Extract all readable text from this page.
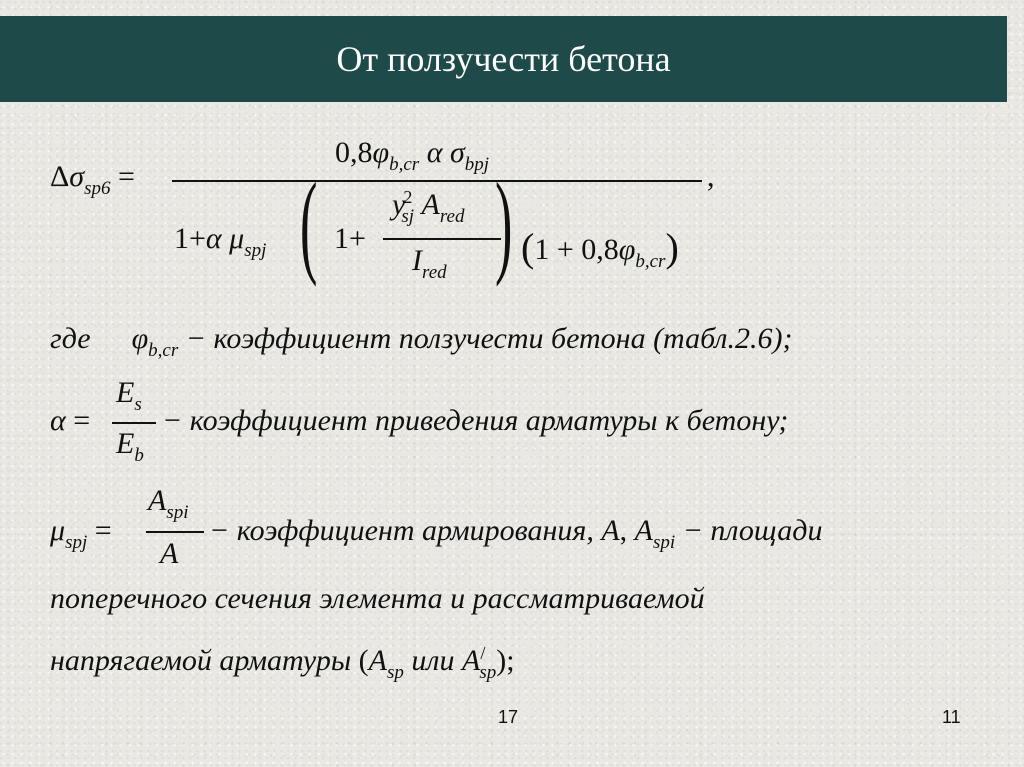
От ползучести бетона
$\Delta\sigma_{sp6}$ =
$0,8\varphi_{b,cr}$ α $\sigma_{bpj}$	,
1+α $\mu_{spj}$ ( 1+
$y^2_{sj}$ $A_{red}$
$I_{red}$ ) $(1 + 0,8\varphi_{b,cr})$
где $\varphi_{b,cr}$ − коэффициент ползучести бетона (табл.2.6);
α =
$E_s$
$E_b$
− коэффициент приведения арматуры к бетону;
$\mu_{spj}$ =
$A_{spi}$
A
− коэффициент армирования, A, $A_{spi}$ − площади
поперечного сечения элемента и рассматриваемой
напрягаемой арматуры ($A_{sp}$ или $A^/_{sp}$);
17	11
